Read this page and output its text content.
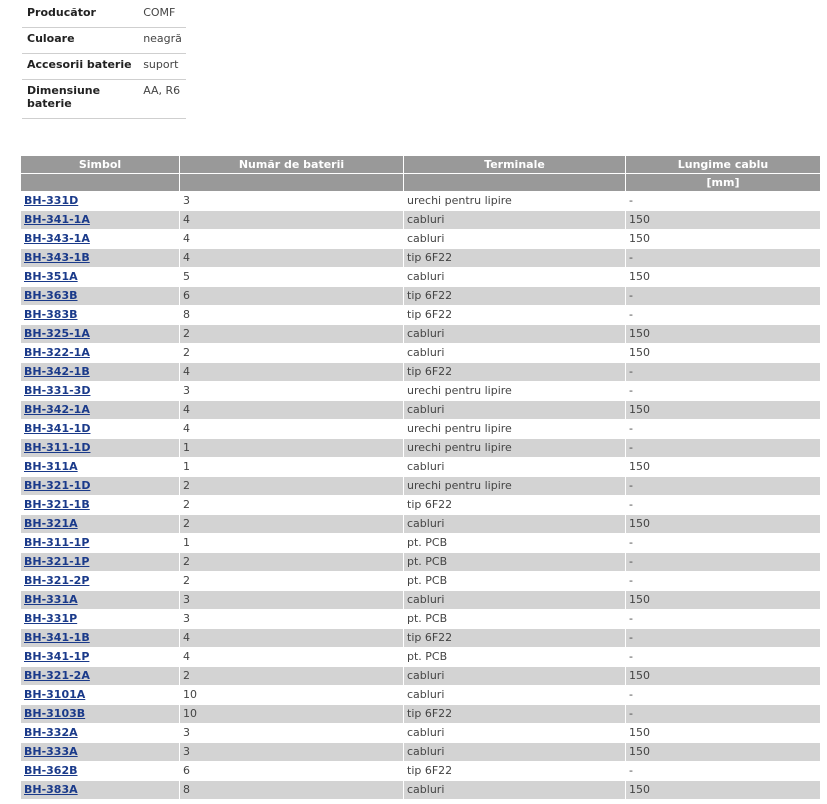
Producător	COMF
Culoare	neagră
Accesorii baterie	suport
Dimensiune baterie	AA, R6
Simbol	Număr de baterii	Terminale	Lungime cablu
			[mm]
BH-331D	3	urechi pentru lipire	-
BH-341-1A	4	cabluri	150
BH-343-1A	4	cabluri	150
BH-343-1B	4	tip 6F22	-
BH-351A	5	cabluri	150
BH-363B	6	tip 6F22	-
BH-383B	8	tip 6F22	-
BH-325-1A	2	cabluri	150
BH-322-1A	2	cabluri	150
BH-342-1B	4	tip 6F22	-
BH-331-3D	3	urechi pentru lipire	-
BH-342-1A	4	cabluri	150
BH-341-1D	4	urechi pentru lipire	-
BH-311-1D	1	urechi pentru lipire	-
BH-311A	1	cabluri	150
BH-321-1D	2	urechi pentru lipire	-
BH-321-1B	2	tip 6F22	-
BH-321A	2	cabluri	150
BH-311-1P	1	pt. PCB	-
BH-321-1P	2	pt. PCB	-
BH-321-2P	2	pt. PCB	-
BH-331A	3	cabluri	150
BH-331P	3	pt. PCB	-
BH-341-1B	4	tip 6F22	-
BH-341-1P	4	pt. PCB	-
BH-321-2A	2	cabluri	150
BH-3101A	10	cabluri	-
BH-3103B	10	tip 6F22	-
BH-332A	3	cabluri	150
BH-333A	3	cabluri	150
BH-362B	6	tip 6F22	-
BH-383A	8	cabluri	150
